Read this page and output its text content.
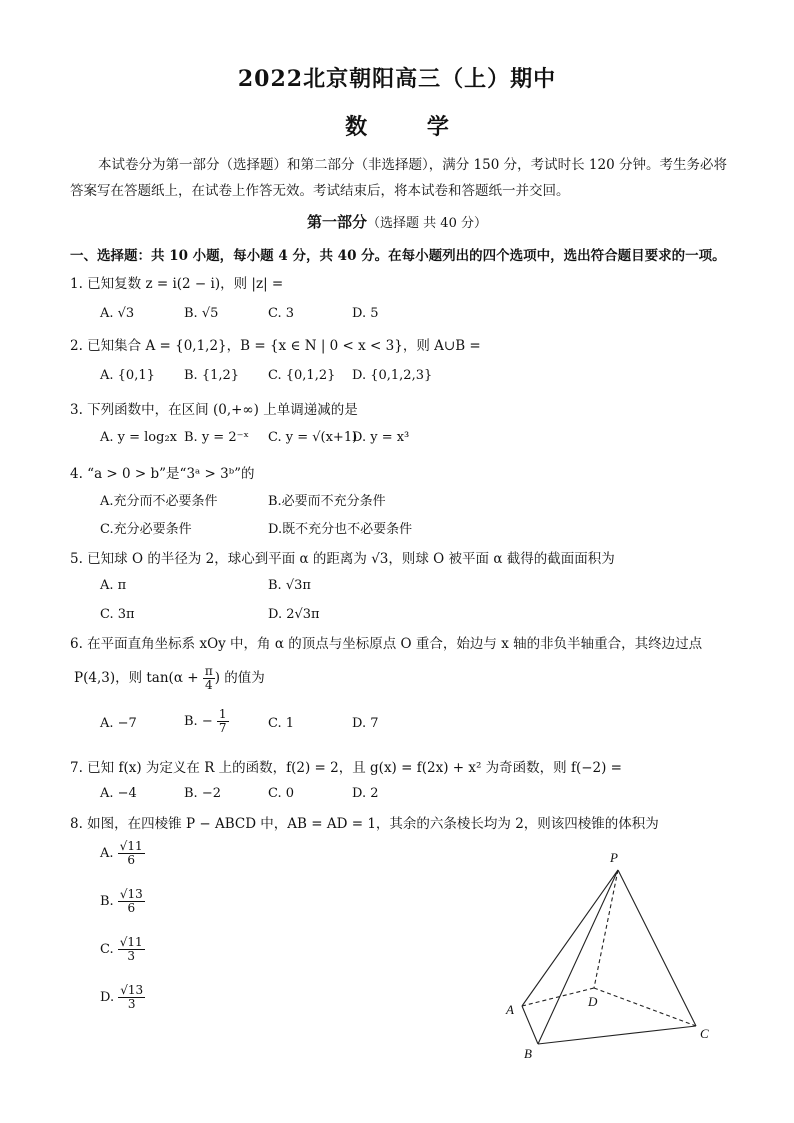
2022北京朝阳高三（上）期中
数 学
本试卷分为第一部分（选择题）和第二部分（非选择题），满分 150 分，考试时长 120 分钟。考生务必将答案写在答题纸上，在试卷上作答无效。考试结束后，将本试卷和答题纸一并交回。
第一部分（选择题 共 40 分）
一、选择题：共 10 小题，每小题 4 分，共 40 分。在每小题列出的四个选项中，选出符合题目要求的一项。
1. 已知复数 z = i(2 − i)，则 |z| =
A. √3	B. √5	C. 3	D. 5
2. 已知集合 A = {0,1,2}，B = {x ∈ N | 0 < x < 3}，则 A∪B =
A. {0,1} B. {1,2} C. {0,1,2} D. {0,1,2,3}
3. 下列函数中，在区间 (0,+∞) 上单调递减的是
A. y = log₂x B. y = 2⁻ˣ C. y = √(x+1)
D. y = x³
4. “a > 0 > b”是“3ᵃ > 3ᵇ”的
A.充分而不必要条件	B.必要而不充分条件
C.充分必要条件	D.既不充分也不必要条件
5. 已知球 O 的半径为 2，球心到平面 α 的距离为 √3，则球 O 被平面 α 截得的截面面积为
A. π	B. √3π
C. 3π	D. 2√3π
6. 在平面直角坐标系 xOy 中，角 α 的顶点与坐标原点 O 重合，始边与 x 轴的非负半轴重合，其终边过点
P(4,3)，则 $\tan(\alpha + \frac{\pi}{4}$ ) 的值为
A. −7	B. − $\frac{1}{7}$	C. 1	D. 7
7. 已知 f(x) 为定义在 R 上的函数，f(2) = 2，且 g(x) = f(2x) + x² 为奇函数，则 f(−2) =
A. −4	B. −2	C. 0	D. 2
8. 如图，在四棱锥 P − ABCD 中，AB = AD = 1，其余的六条棱长均为 2，则该四棱锥的体积为
A. $\frac{√11}{6}$
B. $\frac{√13}{6}$
C. $\frac{√11}{3}$
D. $\frac{√13}{3}$
P
A
B
C
D
